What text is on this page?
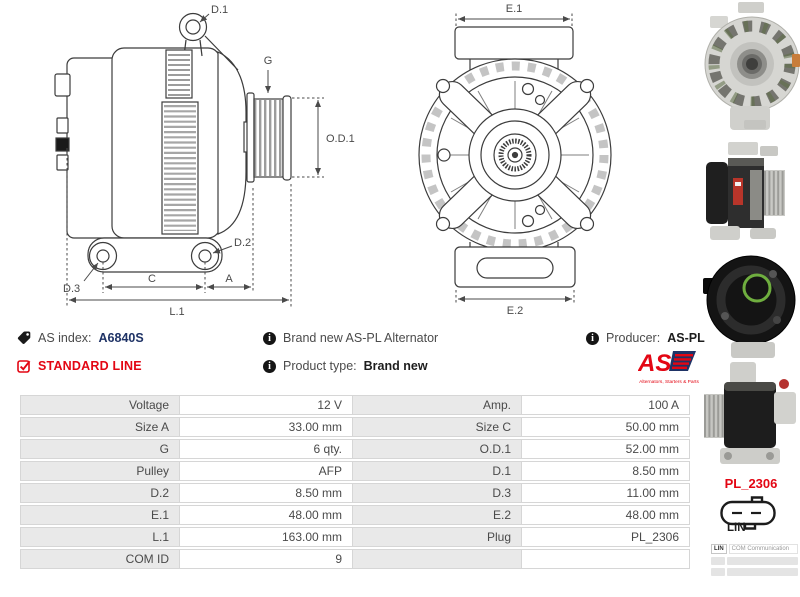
D.1
G
O.D.1
D.2
D.3
C	A
L.1
E.1
E.2
AS index: A6840S
STANDARD LINE
i Brand new AS-PL Alternator
i Product type: Brand new
i Producer: AS-PL
AS
Alternators, Starters & Parts
Voltage	12 V	Amp.	100 A
Size A	33.00 mm	Size C	50.00 mm
G	6 qty.	O.D.1	52.00 mm
Pulley	AFP	D.1	8.50 mm
D.2	8.50 mm	D.3	11.00 mm
E.1	48.00 mm	E.2	48.00 mm
L.1	163.00 mm	Plug	PL_2306
COM ID	9		
PL_2306
LIN
LIN	COM Communication
